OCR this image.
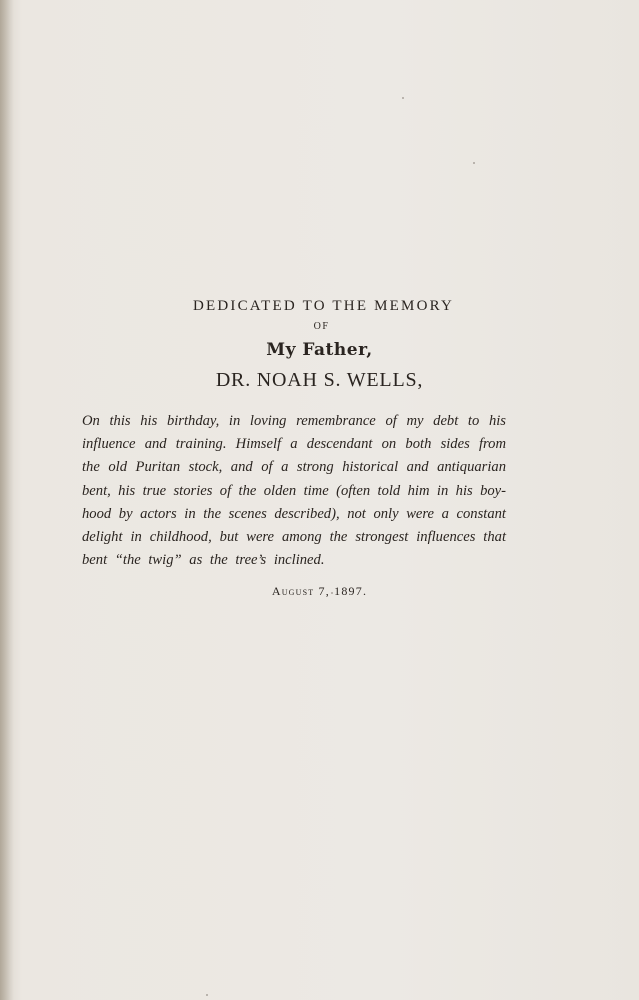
DEDICATED TO THE MEMORY
OF
My Father,
DR. NOAH S. WELLS,
On this his birthday, in loving remembrance of my debt to his
influence and training. Himself a descendant on both sides from
the old Puritan stock, and of a strong historical and antiquarian
bent, his true stories of the olden time (often told him in his boy-
hood by actors in the scenes described), not only were a constant
delight in childhood, but were among the strongest influences that
bent “the twig” as the tree’s inclined.
August 7, 1897.
